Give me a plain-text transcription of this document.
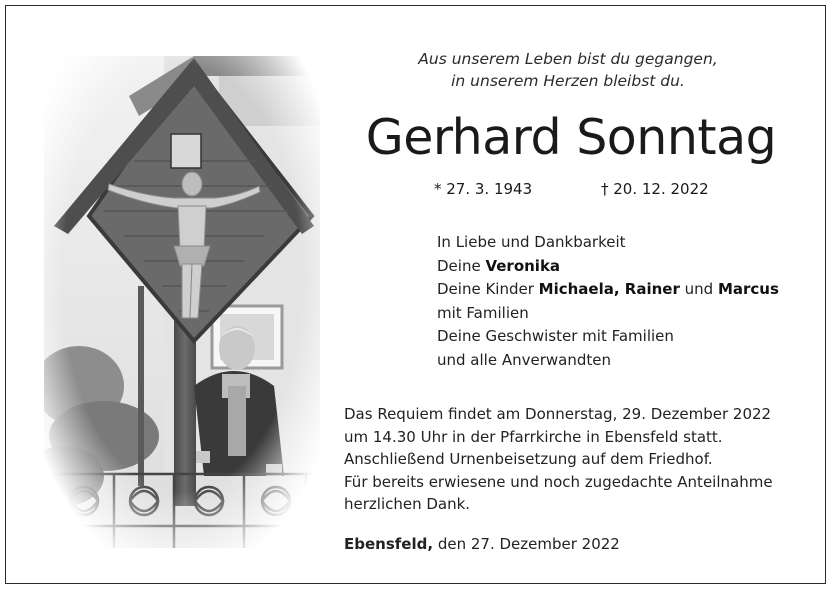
Aus unserem Leben bist du gegangen,
in unserem Herzen bleibst du.
Gerhard Sonntag
* 27. 3. 1943	† 20. 12. 2022
In Liebe und Dankbarkeit
Deine Veronika
Deine Kinder Michaela, Rainer und Marcus
mit Familien
Deine Geschwister mit Familien
und alle Anverwandten
Das Requiem findet am Donnerstag, 29. Dezember 2022
um 14.30 Uhr in der Pfarrkirche in Ebensfeld statt.
Anschließend Urnenbeisetzung auf dem Friedhof.
Für bereits erwiesene und noch zugedachte Anteilnahme
herzlichen Dank.
Ebensfeld, den 27. Dezember 2022
